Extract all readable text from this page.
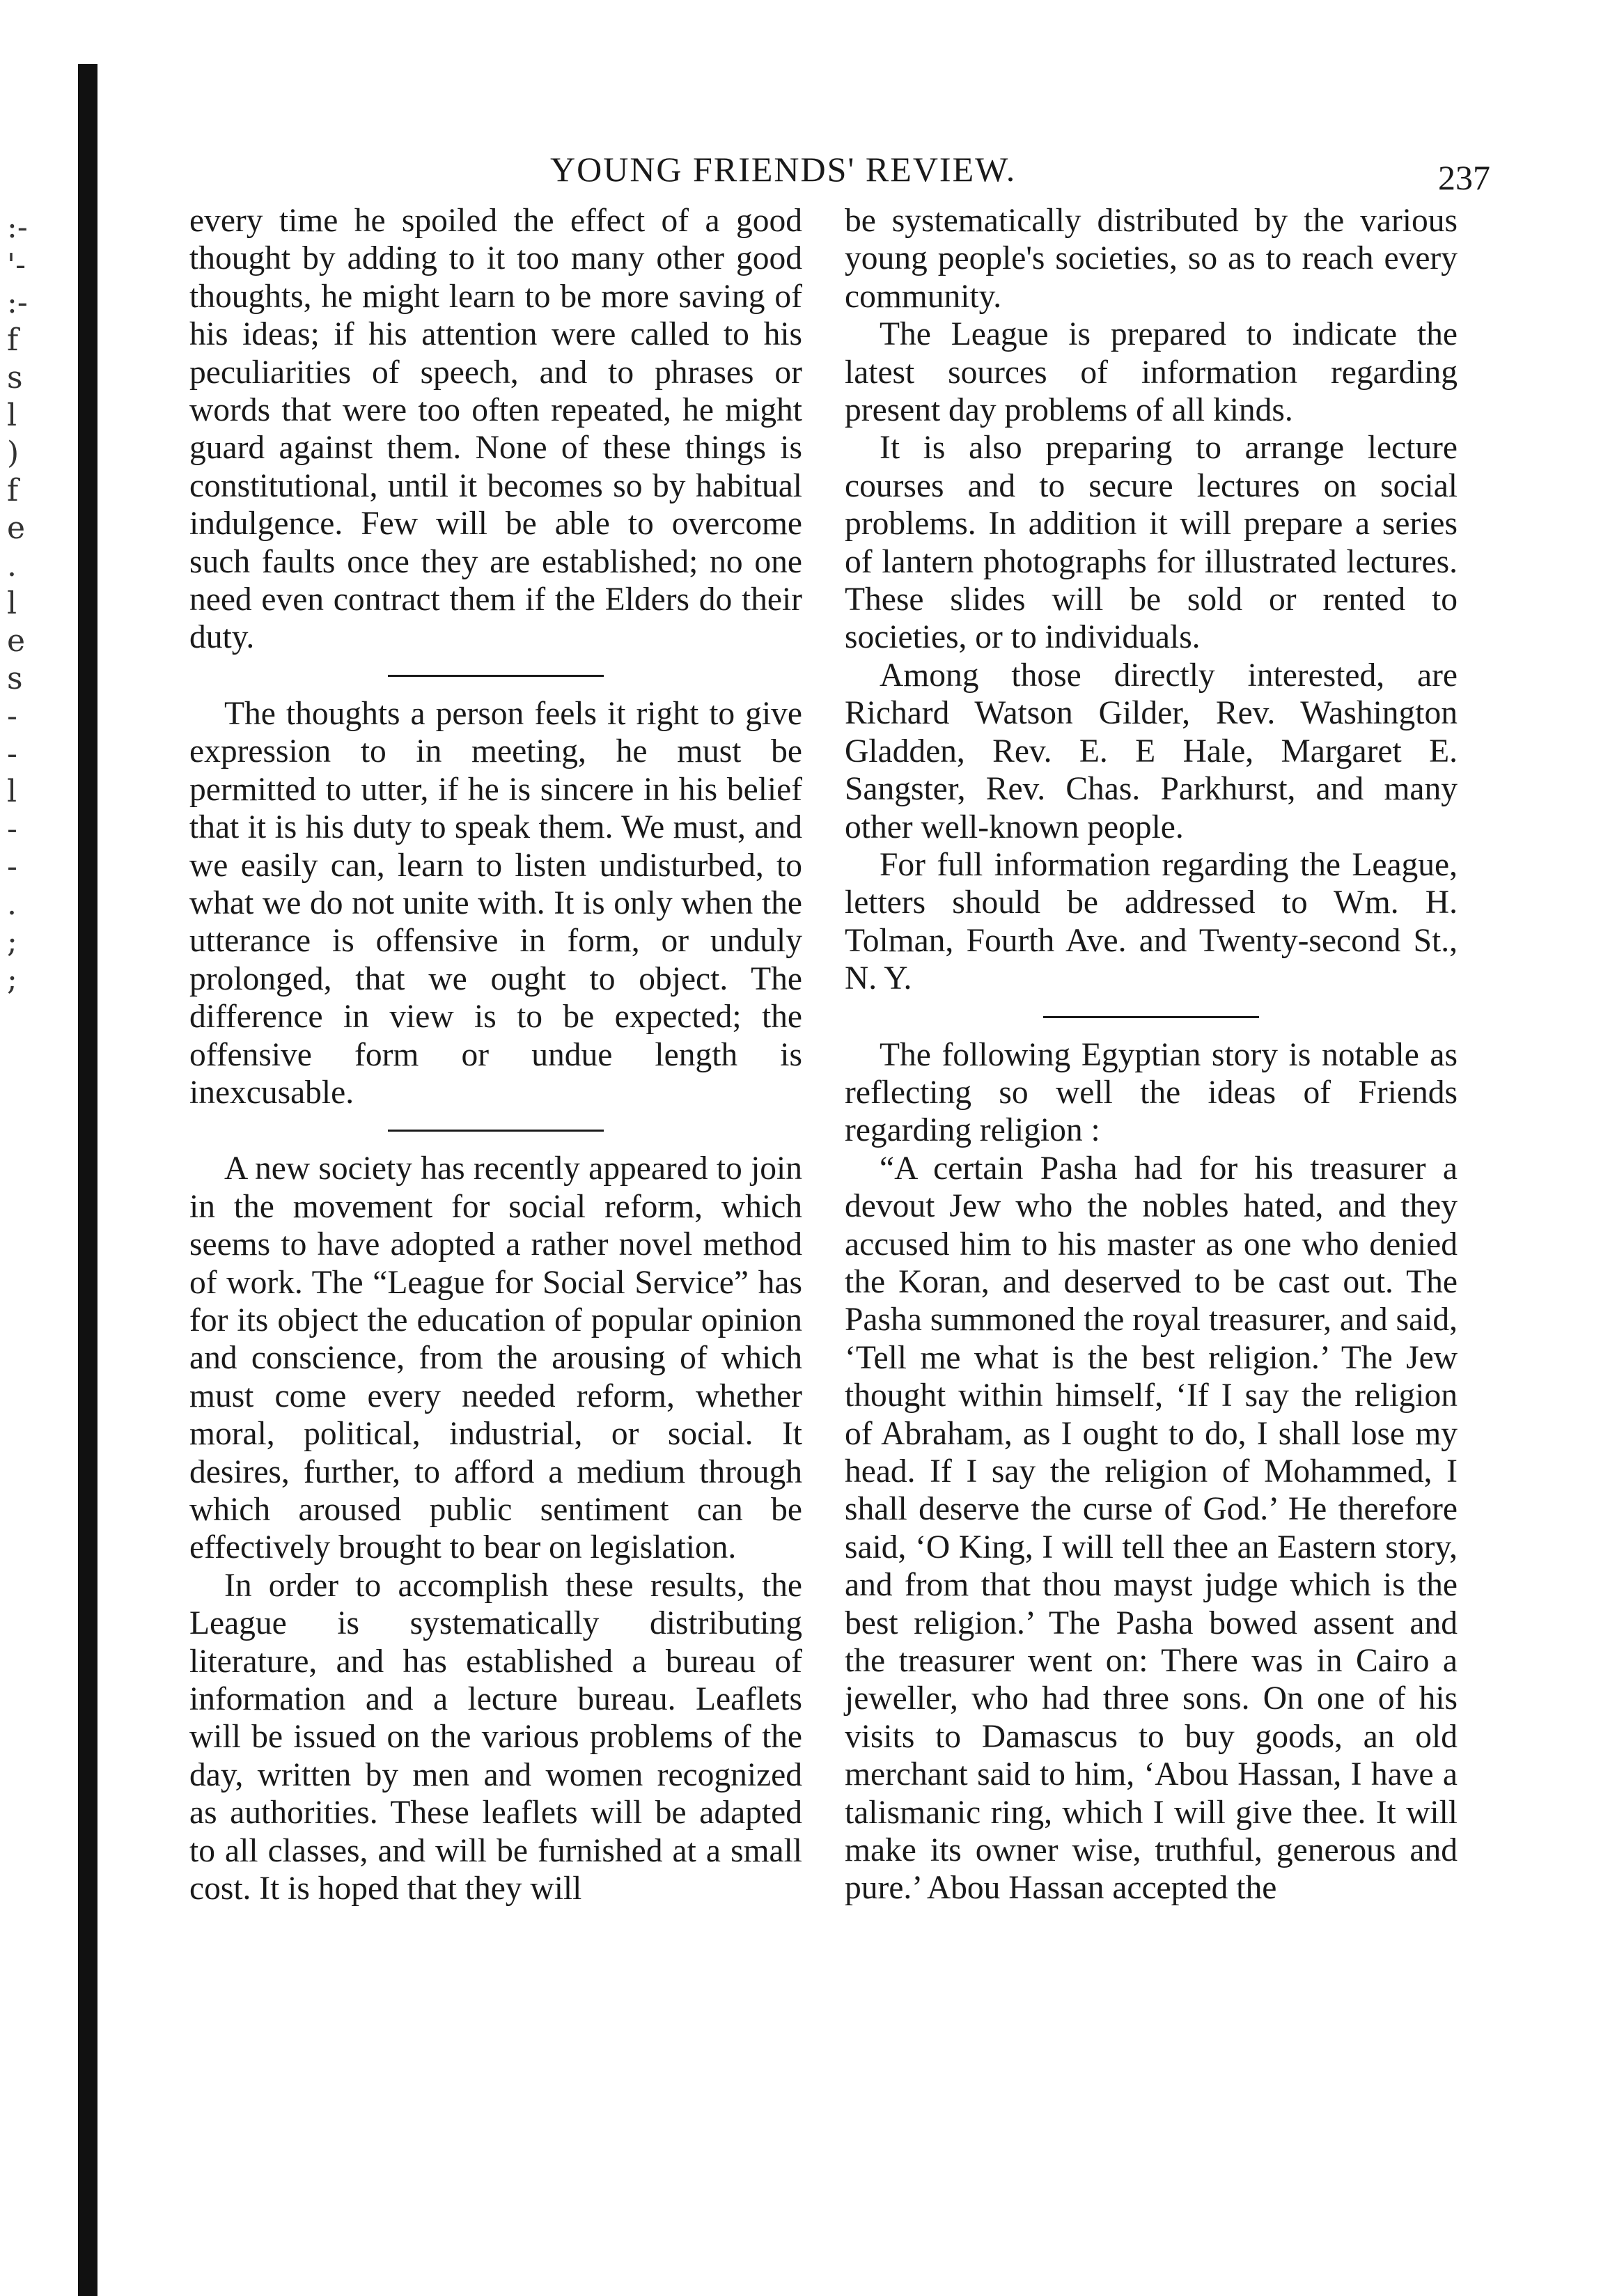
:-
'-
:-
f
s
l
)
f
e
.
l
e
s
-
-
l
-
-
.
;
;
YOUNG FRIENDS' REVIEW.	237

every time he spoiled the effect of a good thought by adding to it too many other good thoughts, he might learn to be more saving of his ideas; if his attention were called to his peculiarities of speech, and to phrases or words that were too often repeated, he might guard against them. None of these things is constitutional, until it becomes so by habitual indulgence. Few will be able to overcome such faults once they are established; no one need even contract them if the Elders do their duty.

The thoughts a person feels it right to give expression to in meeting, he must be permitted to utter, if he is sincere in his belief that it is his duty to speak them. We must, and we easily can, learn to listen undisturbed, to what we do not unite with. It is only when the utterance is offensive in form, or unduly prolonged, that we ought to object. The difference in view is to be expected; the offensive form or undue length is inexcusable.

A new society has recently appeared to join in the movement for social reform, which seems to have adopted a rather novel method of work. The “League for Social Service” has for its object the education of popular opinion and conscience, from the arousing of which must come every needed reform, whether moral, political, industrial, or social. It desires, further, to afford a medium through which aroused public sentiment can be effectively brought to bear on legislation.

In order to accomplish these results, the League is systematically distributing literature, and has established a bureau of information and a lecture bureau. Leaflets will be issued on the various problems of the day, written by men and women recognized as authorities. These leaflets will be adapted to all classes, and will be furnished at a small cost. It is hoped that they will

be systematically distributed by the various young people's societies, so as to reach every community.

The League is prepared to indicate the latest sources of information regarding present day problems of all kinds.

It is also preparing to arrange lecture courses and to secure lectures on social problems. In addition it will prepare a series of lantern photographs for illustrated lectures. These slides will be sold or rented to societies, or to individuals.

Among those directly interested, are Richard Watson Gilder, Rev. Washington Gladden, Rev. E. E Hale, Margaret E. Sangster, Rev. Chas. Parkhurst, and many other well-known people.

For full information regarding the League, letters should be addressed to Wm. H. Tolman, Fourth Ave. and Twenty-second St., N. Y.

The following Egyptian story is notable as reflecting so well the ideas of Friends regarding religion :

“A certain Pasha had for his treasurer a devout Jew who the nobles hated, and they accused him to his master as one who denied the Koran, and deserved to be cast out. The Pasha summoned the royal treasurer, and said, ‘Tell me what is the best religion.’ The Jew thought within himself, ‘If I say the religion of Abraham, as I ought to do, I shall lose my head. If I say the religion of Mohammed, I shall deserve the curse of God.’ He therefore said, ‘O King, I will tell thee an Eastern story, and from that thou mayst judge which is the best religion.’ The Pasha bowed assent and the treasurer went on: There was in Cairo a jeweller, who had three sons. On one of his visits to Damascus to buy goods, an old merchant said to him, ‘Abou Hassan, I have a talismanic ring, which I will give thee. It will make its owner wise, truthful, generous and pure.’ Abou Hassan accepted the
